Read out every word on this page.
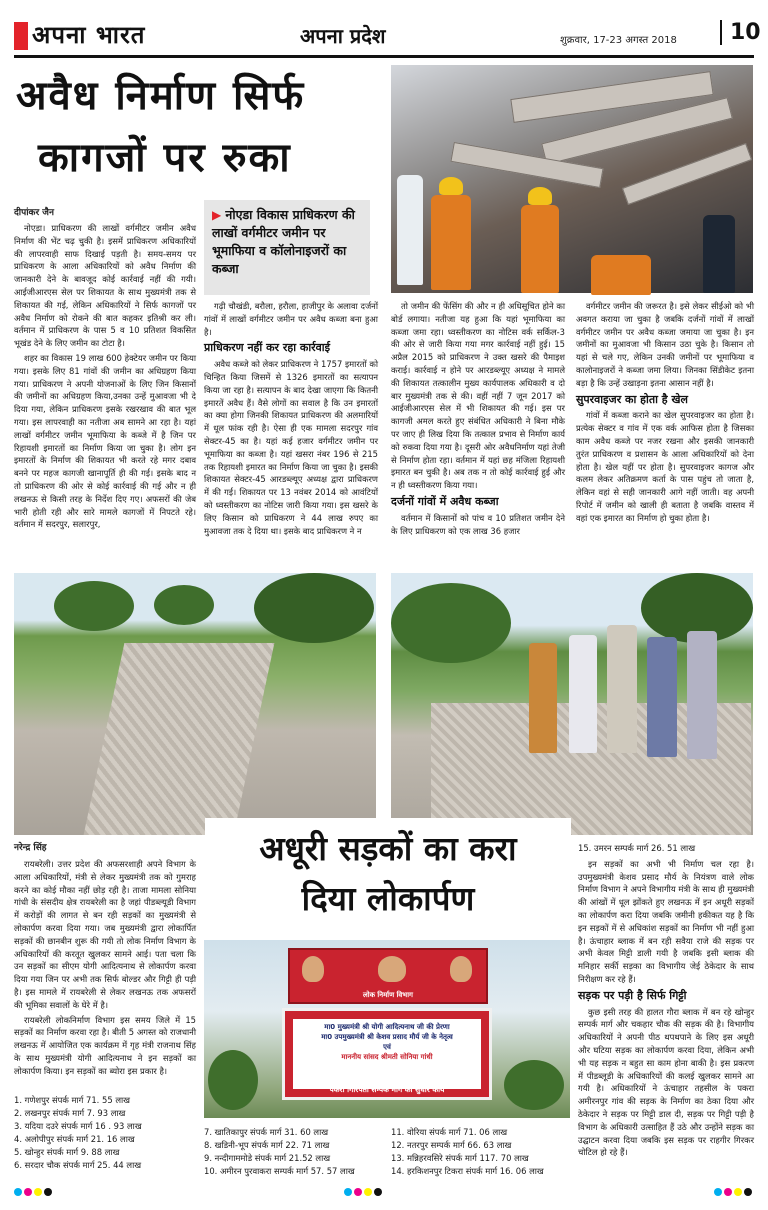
अपना भारत	अपना प्रदेश	शुक्रवार, 17-23 अगस्त 2018	10
अवैध निर्माण सिर्फ
कागजों पर रुका
दीपांकर जैन	▶ नोएडा विकास प्राधिकरण की लाखों वर्गमीटर जमीन पर भूमाफिया व कॉलोनाइजरों का कब्जा

नोएडा। प्राधिकरण की लाखों वर्गमीटर जमीन अवैध निर्माण की भेंट चढ़ चुकी है। इसमें प्राधिकरण अधिकारियों की लापरवाही साफ दिखाई पड़ती है। समय-समय पर प्राधिकरण के आला अधिकारियों को अवैध निर्माण की जानकारी देने के बावजूद कोई कार्रवाई नहीं की गयी। आईजीआरएस सेल पर शिकायत के साथ मुख्यमंत्री तक से शिकायत की गई, लेकिन अधिकारियों ने सिर्फ कागजों पर अवैध निर्माण को रोकने की बात कहकर इतिश्री कर ली। वर्तमान में प्राधिकरण के पास 5 व 10 प्रतिशत विकसित भूखंड देने के लिए जमीन का टोटा है।

शहर का विकास 19 लाख 600 हेक्टेयर जमीन पर किया गया। इसके लिए 81 गांवों की जमीन का अधिग्रहण किया गया। प्राधिकरण ने अपनी योजनाओं के लिए जिन किसानों की जमीनों का अधिग्रहण किया,उनका उन्हें मुआवजा भी दे दिया गया, लेकिन प्राधिकरण इसके रखरखाव की बात भूल गया। इस लापरवाही का नतीजा अब सामने आ रहा है। यहां लाखों वर्गमीटर जमीन भूमाफिया के कब्जे में है जिन पर रिहायशी इमारतों का निर्माण किया जा चुका है। लोग इन इमारतों के निर्माण की शिकायत भी करते रहे मगर दबाव बनने पर महज कागजी खानापूर्ति ही की गई। इसके बाद न तो प्राधिकरण की ओर से कोई कार्रवाई की गई और न ही लखनऊ से किसी तरह के निर्देश दिए गए। अफसरों की जेब भारी होती रही और सारे मामले कागजों में निपटते रहे। वर्तमान में सदरपुर, सलारपुर,

गढ़ी चौखंडी, बरौला, हरौला, हाजीपुर के अलावा दर्जनों गांवों में लाखों वर्गमीटर जमीन पर अवैध कब्जा बना हुआ है।

प्राधिकरण नहीं कर रहा कार्रवाई

अवैध कब्जे को लेकर प्राधिकरण ने 1757 इमारतों को चिन्हित किया जिसमें से 1326 इमारतों का सत्यापन किया जा रहा है। सत्यापन के बाद देखा जाएगा कि कितनी इमारतें अवैध हैं। वैसे लोगों का सवाल है कि उन इमारतों का क्या होगा जिनकी शिकायत प्राधिकरण की अलमारियों में धूल फांक रही है। ऐसा ही एक मामला सदरपुर गांव सेक्टर-45 का है। यहां कई हजार वर्गमीटर जमीन पर भूमाफिया का कब्जा है। यहां खसरा नंबर 196 से 215 तक रिहायशी इमारत का निर्माण किया जा चुका है। इसकी शिकायत सेक्टर-45 आरडब्ल्यूए अध्यक्ष द्वारा प्राधिकरण में की गई। शिकायत पर 13 नवंबर 2014 को आवंटियों को ध्वस्तीकरण का नोटिस जारी किया गया। इस खसरे के लिए किसान को प्राधिकरण ने 44 लाख रुपए का मुआवजा तक दे दिया था। इसके बाद प्राधिकरण ने न

तो जमीन की फेंसिंग की और न ही अधिसूचित होने का बोर्ड लगाया। नतीजा यह हुआ कि यहां भूमाफिया का कब्जा जमा रहा। ध्वस्तीकरण का नोटिस वर्क सर्किल-3 की ओर से जारी किया गया मगर कार्रवाई नहीं हुई। 15 अप्रैल 2015 को प्राधिकरण ने उक्त खसरे की पैमाइश कराई। कार्रवाई न होने पर आरडब्ल्यूए अध्यक्ष ने मामले की शिकायत तत्कालीन मुख्य कार्यपालक अधिकारी व दो बार मुख्यमंत्री तक से की। वहीं नहीं 7 जून 2017 को आईजीआरएस सेल में भी शिकायत की गई। इस पर कागजी अमल करते हुए संबंधित अधिकारी ने बिना मौके पर जाए ही लिख दिया कि तत्काल प्रभाव से निर्माण कार्य को रुकवा दिया गया है। दूसरी ओर अवैधनिर्माण यहां तेजी से निर्माण होता रहा। वर्तमान में यहां छह मंजिला रिहायशी इमारत बन चुकी है। अब तक न तो कोई कार्रवाई हुई और न ही ध्वस्तीकरण किया गया।

दर्जनों गांवों में अवैध कब्जा

वर्तमान में किसानों को पांच व 10 प्रतिशत जमीन देने के लिए प्राधिकरण को एक लाख 36 हजार

वर्गमीटर जमीन की जरूरत है। इसे लेकर सीईओ को भी अवगत कराया जा चुका है जबकि दर्जनों गांवों में लाखों वर्गमीटर जमीन पर अवैध कब्जा जमाया जा चुका है। इन जमीनों का मुआवजा भी किसान उठा चुके है। किसान तो यहां से चले गए, लेकिन उनकी जमीनों पर भूमाफिया व कालोनाइजरों ने कब्जा जमा लिया। जिनका सिंडीकेट इतना बड़ा है कि उन्हें उखाड़ना इतना आसान नहीं है।

सुपरवाइजर का होता है खेल

गांवों में कब्जा कराने का खेल सुपरवाइजर का होता है। प्रत्येक सेक्टर व गांव में एक वर्क आफिस होता है जिसका काम अवैध कब्जे पर नजर रखना और इसकी जानकारी तुरंत प्राधिकरण व प्रशासन के आला अधिकारियों को देना होता है। खेल यहीं पर होता है। सुपरवाइजर कागज और कलम लेकर अतिक्रमण कर्ता के पास पहुंच तो जाता है, लेकिन वहां से सही जानकारी आगे नहीं जाती। वह अपनी रिपोर्ट में जमीन को खाली ही बताता है जबकि वास्तव में वहां एक इमारत का निर्माण हो चुका होता है।

अधूरी सड़कों का करा
दिया लोकार्पण
नरेन्द्र सिंह

रायबरेली। उत्तर प्रदेश की अफसरशाही अपने विभाग के आला अधिकारियों, मंत्री से लेकर मुख्यमंत्री तक को गुमराह करने का कोई मौका नहीं छोड़ रही है। ताजा मामला सोनिया गांधी के संसदीय क्षेत्र रायबरेली का है जहां पीडब्ल्यूडी विभाग में करोड़ों की लागत से बन रही सड़कों का मुख्यमंत्री से लोकार्पण करवा दिया गया। जब मुख्यमंत्री द्वारा लोकार्पित सड़कों की छानबीन शुरू की गयी तो लोक निर्माण विभाग के अधिकारियों की करतूत खुलकर सामने आई। पता चला कि उन सड़कों का सीएम योगी आदित्यनाथ से लोकार्पण करवा दिया गया जिन पर अभी तक सिर्फ बोल्डर और गिट्टी ही पड़ी है। इस मामले में रायबरेली से लेकर लखनऊ तक अफसरों की भूमिका सवालों के घेरे में है।

रायबरेली लोकनिर्माण विभाग इस समय जिले में 15 सड़कों का निर्माण करवा रहा है। बीती 5 अगस्त को राजधानी लखनऊ में आयोजित एक कार्यक्रम में गृह मंत्री राजनाथ सिंह के साथ मुख्यमंत्री योगी आदित्यनाथ ने इन सड़कों का लोकार्पण किया। इन सड़कों का ब्योरा इस प्रकार है।

1. गणेशपुर संपर्क मार्ग 71. 55 लाख
2. लखनपुर संपर्क मार्ग 7. 93 लाख
3. यदिया दउरे संपर्क मार्ग 16 . 93 लाख
4. अलोपीपुर संपर्क मार्ग 21. 16 लाख
5. खोन्हुर संपर्क मार्ग 9. 88 लाख
6. सरदार चौक संपर्क मार्ग 25. 44 लाख
लोक निर्माण विभाग
मा0 मुख्यमंत्री श्री योगी आदित्यनाथ जी की प्रेरणा
मा0 उपमुख्यमंत्री श्री केशव प्रसाद मौर्य जी के नेतृत्व
एवं
माननीय सांसद श्रीमती सोनिया गांधी
पकरा गिरिपता सम्पर्क मार्ग का सुधार कार्य
7. खातिकापुर संपर्क मार्ग 31. 60 लाख
8. खडिनी-भूप संपर्क मार्ग 22. 71 लाख
9. नन्दीगाममोडे संपर्क मार्ग 21.52 लाख
10. अमीरन पुरवाकरा सम्पर्क मार्ग 57. 57 लाख
11. वोरिया संपर्क मार्ग 71. 06 लाख
12. नतरपुर सम्पर्क मार्ग 66. 63 लाख
13. मन्निहरवसिरे संपर्क मार्ग 117. 70 लाख
14. हरकिशनपुर टिकरा संपर्क मार्ग 16. 06 लाख
15. उमरन सम्पर्क मार्ग 26. 51 लाख

इन सड़कों का अभी भी निर्माण चल रहा है। उपमुख्यमंत्री केशव प्रसाद मौर्य के नियंत्रण वाले लोक निर्माण विभाग ने अपने विभागीय मंत्री के साथ ही मुख्यमंत्री की आंखों में धूल झोंकते हुए लखनऊ में इन अधूरी सड़कों का लोकार्पण करा दिया जबकि जमीनी हकीकत यह है कि इन सड़कों में से अधिकांश सड़कों का निर्माण भी नहीं हुआ है। ऊंचाहार ब्लाक में बन रही सवैया राजे की सड़क पर अभी केवल मिट्टी डाली गयी है जबकि इसी ब्लाक की मनिहार सर्की सड़का का विभागीय जेई ठेकेदार के साथ निरीक्षण कर रहे हैं।

सड़क पर पड़ी है सिर्फ गिट्टी

कुछ इसी तरह की हालत गौरा ब्लाक में बन रहे खोन्हुर सम्पर्क मार्ग और चकहार चौक की सड़क की है। विभागीय अधिकारियों ने अपनी पीठ थपथपाने के लिए इस अधूरी और घटिया सड़क का लोकार्पण करवा दिया, लेकिन अभी भी यह सड़क न बहुत सा काम होना बाकी है। इस प्रकरण में पीडब्लूडी के अधिकारियों की कलई खुलकर सामने आ गयी है। अधिकारियों ने ऊंचाहार तहसील के पकरा अमीरनपुर गांव की सड़क के निर्माण का ठेका दिया और ठेकेदार ने सड़क पर मिट्टी डाल दी, सड़क पर गिट्टी पड़ी है विभाग के अधिकारी उत्साहित हैं उठे और उन्होंने सड़क का उद्घाटन करवा दिया जबकि इस सड़क पर राहगीर गिरकर चोटिल हो रहे हैं।
